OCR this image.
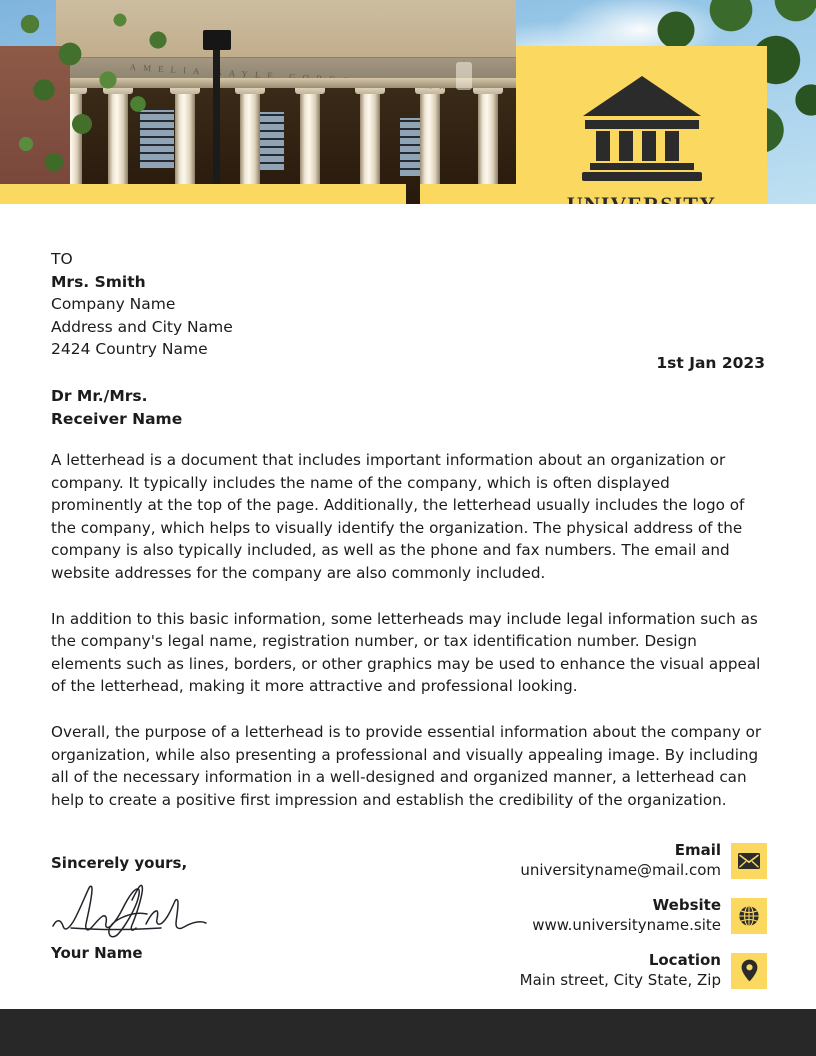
TO
Mrs. Smith
Company Name
Address and City Name
2424 Country Name
1st Jan 2023
Dr Mr./Mrs.
Receiver Name

A letterhead is a document that includes important information about an organization or company. It typically includes the name of the company, which is often displayed prominently at the top of the page. Additionally, the letterhead usually includes the logo of the company, which helps to visually identify the organization. The physical address of the company is also typically included, as well as the phone and fax numbers. The email and website addresses for the company are also commonly included.

In addition to this basic information, some letterheads may include legal information such as the company's legal name, registration number, or tax identification number. Design elements such as lines, borders, or other graphics may be used to enhance the visual appeal of the letterhead, making it more attractive and professional looking.

Overall, the purpose of a letterhead is to provide essential information about the company or organization, while also presenting a professional and visually appealing image. By including all of the necessary information in a well-designed and organized manner, a letterhead can help to create a positive first impression and establish the credibility of the organization.

Sincerely yours,
Your Name
Email
universityname@mail.com
Website
www.universityname.site
Location
Main street, City State, Zip
